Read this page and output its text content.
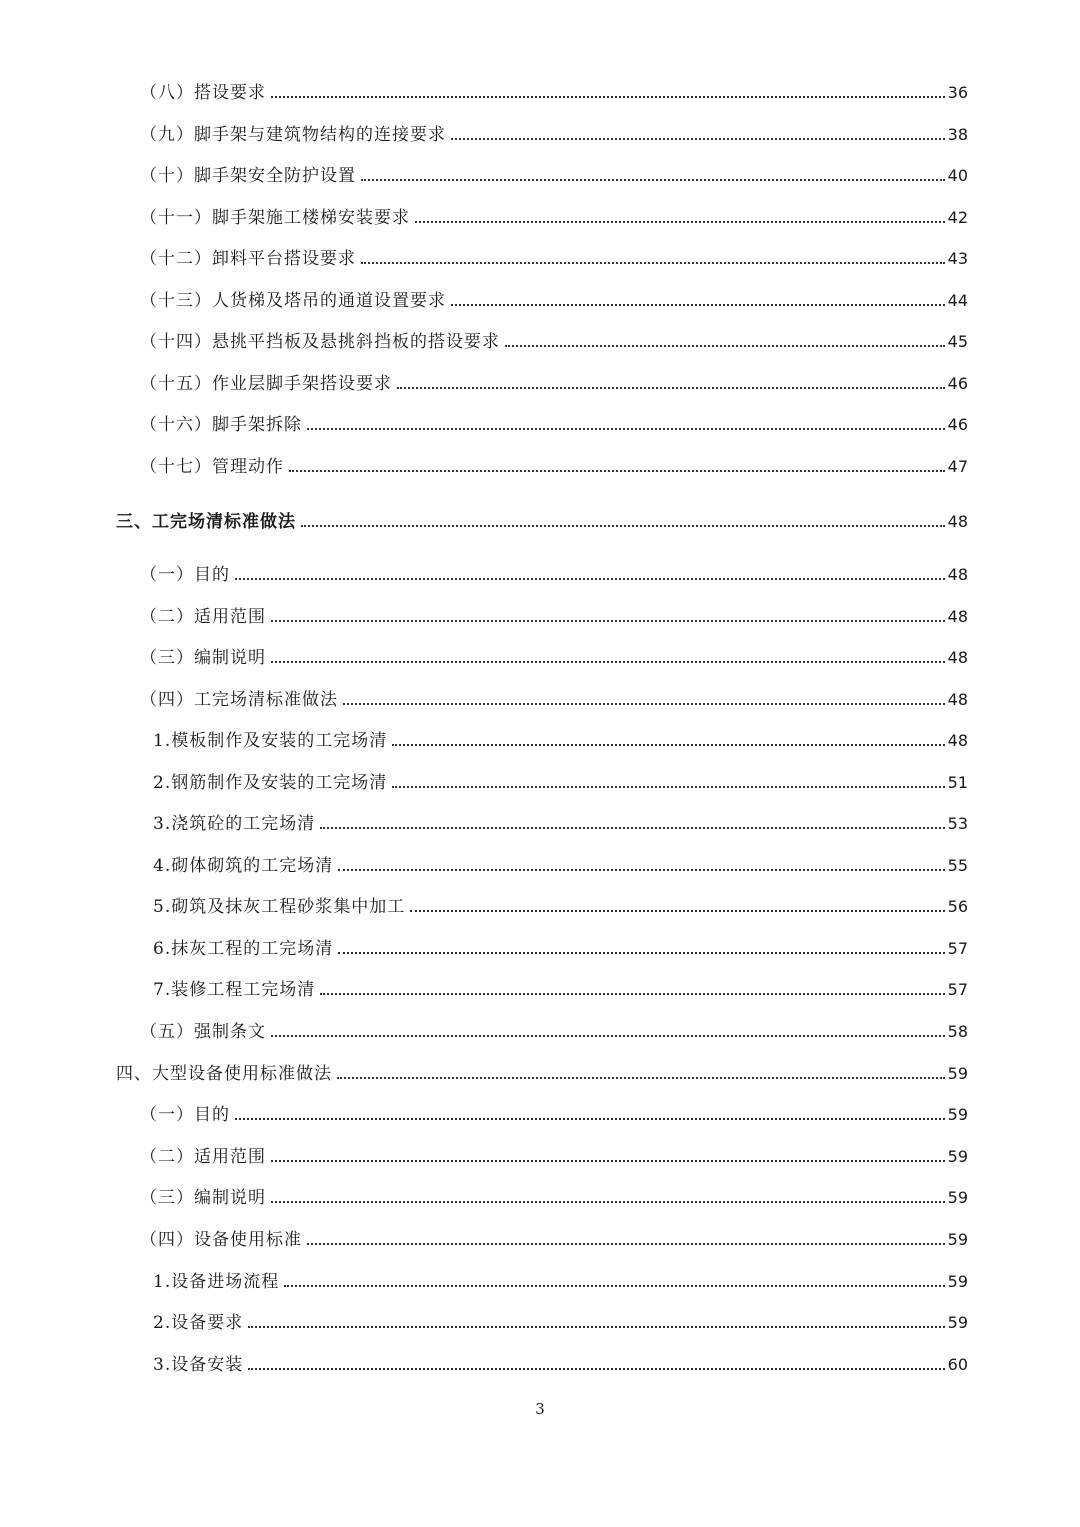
（八）搭设要求	36
（九）脚手架与建筑物结构的连接要求	38
（十）脚手架安全防护设置	40
（十一）脚手架施工楼梯安装要求	42
（十二）卸料平台搭设要求	43
（十三）人货梯及塔吊的通道设置要求	44
（十四）悬挑平挡板及悬挑斜挡板的搭设要求	45
（十五）作业层脚手架搭设要求	46
（十六）脚手架拆除	46
（十七）管理动作	47
三、工完场清标准做法	48
（一）目的	48
（二）适用范围	48
（三）编制说明	48
（四）工完场清标准做法	48
1.模板制作及安装的工完场清	48
2.钢筋制作及安装的工完场清	51
3.浇筑砼的工完场清	53
4.砌体砌筑的工完场清	55
5.砌筑及抹灰工程砂浆集中加工	56
6.抹灰工程的工完场清	57
7.装修工程工完场清	57
（五）强制条文	58
四、大型设备使用标准做法	59
（一）目的	59
（二）适用范围	59
（三）编制说明	59
（四）设备使用标准	59
1.设备进场流程	59
2.设备要求	59
3.设备安装	60
3
